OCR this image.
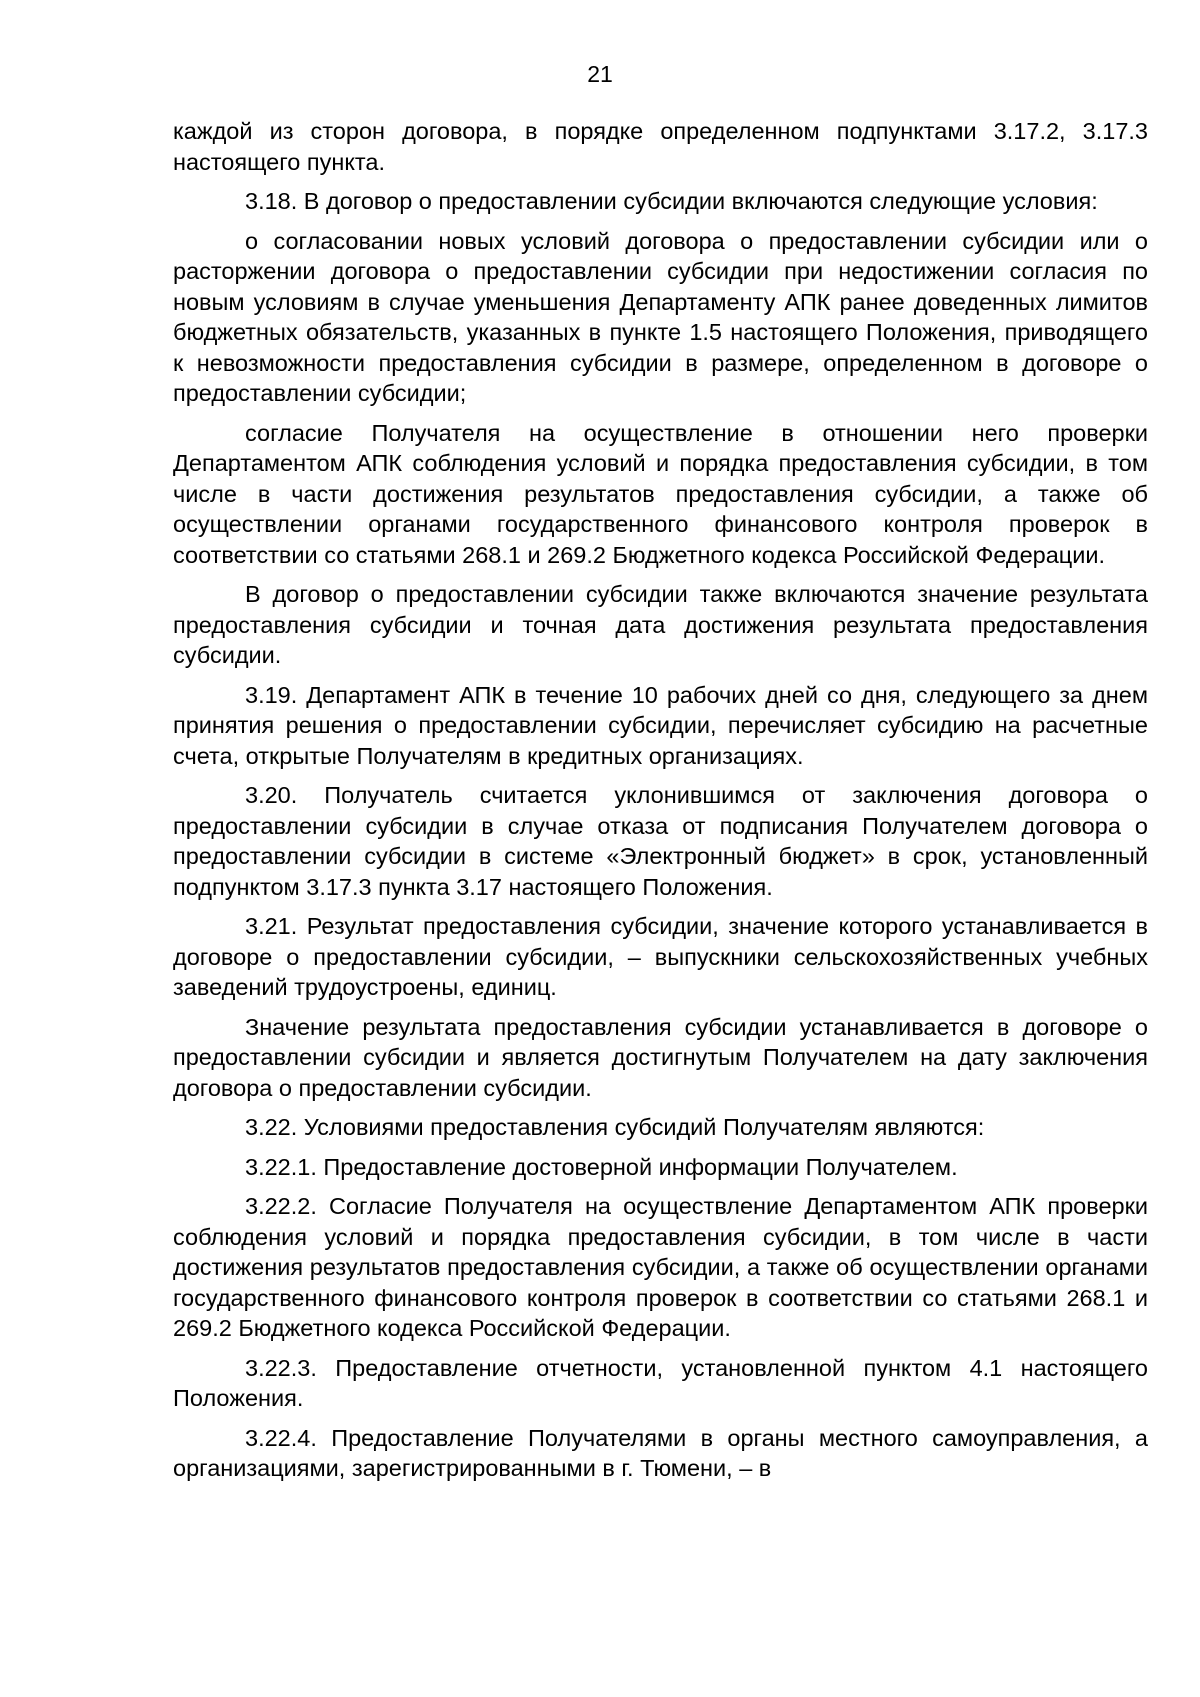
21

каждой из сторон договора, в порядке определенном подпунктами 3.17.2, 3.17.3 настоящего пункта.

3.18. В договор о предоставлении субсидии включаются следующие условия:

о согласовании новых условий договора о предоставлении субсидии или о расторжении договора о предоставлении субсидии при недостижении согласия по новым условиям в случае уменьшения Департаменту АПК ранее доведенных лимитов бюджетных обязательств, указанных в пункте 1.5 настоящего Положения, приводящего к невозможности предоставления субсидии в размере, определенном в договоре о предоставлении субсидии;

согласие Получателя на осуществление в отношении него проверки Департаментом АПК соблюдения условий и порядка предоставления субсидии, в том числе в части достижения результатов предоставления субсидии, а также об осуществлении органами государственного финансового контроля проверок в соответствии со статьями 268.1 и 269.2 Бюджетного кодекса Российской Федерации.

В договор о предоставлении субсидии также включаются значение результата предоставления субсидии и точная дата достижения результата предоставления субсидии.

3.19. Департамент АПК в течение 10 рабочих дней со дня, следующего за днем принятия решения о предоставлении субсидии, перечисляет субсидию на расчетные счета, открытые Получателям в кредитных организациях.

3.20. Получатель считается уклонившимся от заключения договора о предоставлении субсидии в случае отказа от подписания Получателем договора о предоставлении субсидии в системе «Электронный бюджет» в срок, установленный подпунктом 3.17.3 пункта 3.17 настоящего Положения.

3.21. Результат предоставления субсидии, значение которого устанавливается в договоре о предоставлении субсидии, – выпускники сельскохозяйственных учебных заведений трудоустроены, единиц.

Значение результата предоставления субсидии устанавливается в договоре о предоставлении субсидии и является достигнутым Получателем на дату заключения договора о предоставлении субсидии.

3.22. Условиями предоставления субсидий Получателям являются:

3.22.1. Предоставление достоверной информации Получателем.

3.22.2. Согласие Получателя на осуществление Департаментом АПК проверки соблюдения условий и порядка предоставления субсидии, в том числе в части достижения результатов предоставления субсидии, а также об осуществлении органами государственного финансового контроля проверок в соответствии со статьями 268.1 и 269.2 Бюджетного кодекса Российской Федерации.

3.22.3. Предоставление отчетности, установленной пунктом 4.1 настоящего Положения.

3.22.4. Предоставление Получателями в органы местного самоуправления, а организациями, зарегистрированными в г. Тюмени, – в
